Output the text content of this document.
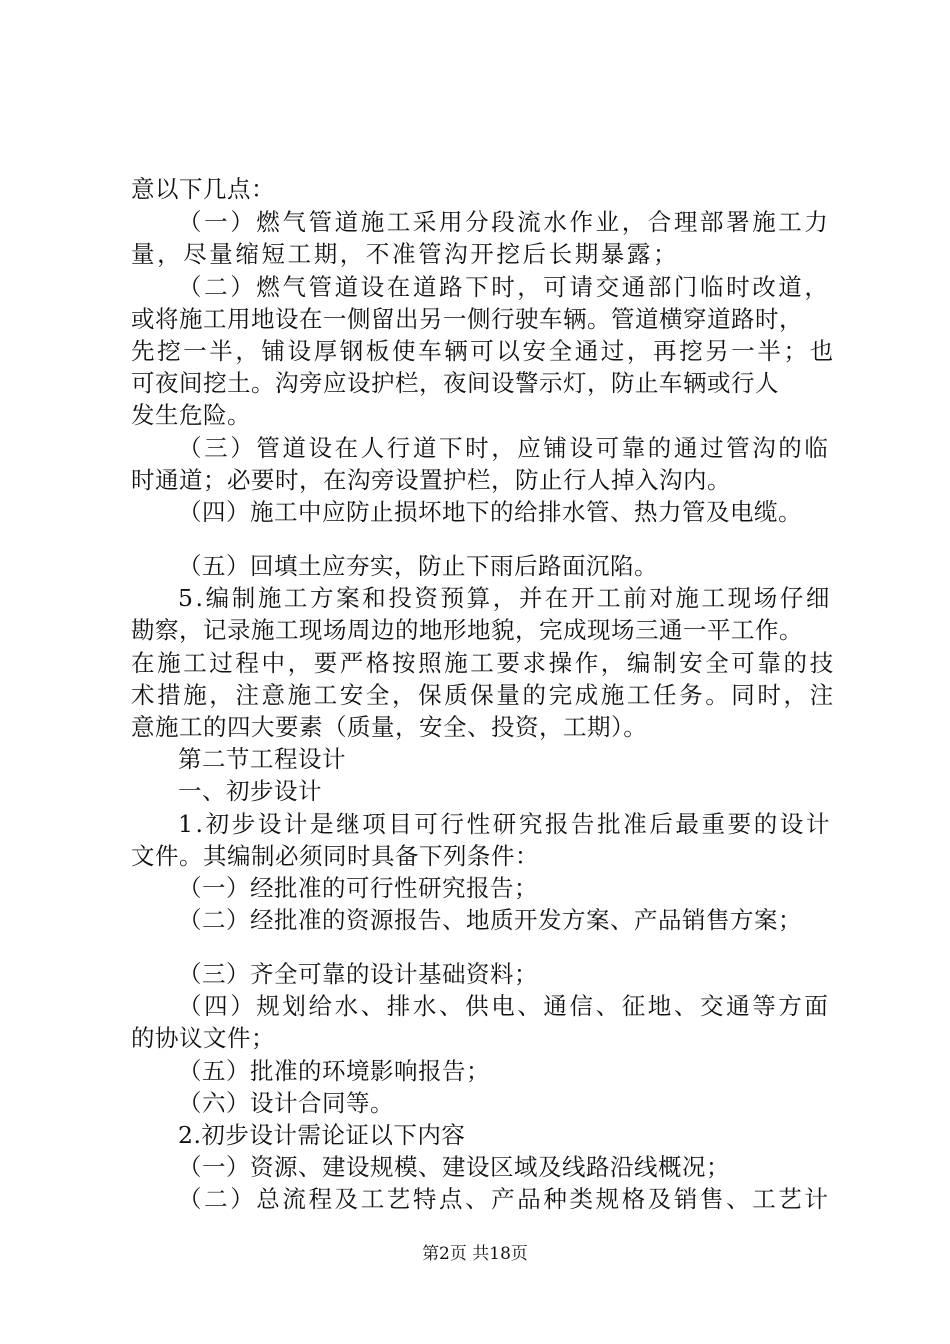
意以下几点：
（一）燃气管道施工采用分段流水作业，合理部署施工力
量，尽量缩短工期，不准管沟开挖后长期暴露；
（二）燃气管道设在道路下时，可请交通部门临时改道，
或将施工用地设在一侧留出另一侧行驶车辆。管道横穿道路时，
先挖一半，铺设厚钢板使车辆可以安全通过，再挖另一半；也
可夜间挖土。沟旁应设护栏，夜间设警示灯，防止车辆或行人
发生危险。
（三）管道设在人行道下时，应铺设可靠的通过管沟的临
时通道；必要时，在沟旁设置护栏，防止行人掉入沟内。
（四）施工中应防止损坏地下的给排水管、热力管及电缆。
（五）回填土应夯实，防止下雨后路面沉陷。
5.编制施工方案和投资预算，并在开工前对施工现场仔细
勘察，记录施工现场周边的地形地貌，完成现场三通一平工作。
在施工过程中，要严格按照施工要求操作，编制安全可靠的技
术措施，注意施工安全，保质保量的完成施工任务。同时，注
意施工的四大要素（质量，安全、投资，工期）。
第二节工程设计
一、初步设计
1.初步设计是继项目可行性研究报告批准后最重要的设计
文件。其编制必须同时具备下列条件：
（一）经批准的可行性研究报告；
（二）经批准的资源报告、地质开发方案、产品销售方案；
（三）齐全可靠的设计基础资料；
（四）规划给水、排水、供电、通信、征地、交通等方面
的协议文件；
（五）批准的环境影响报告；
（六）设计合同等。
2.初步设计需论证以下内容
（一）资源、建设规模、建设区域及线路沿线概况；
（二）总流程及工艺特点、产品种类规格及销售、工艺计
第2页 共18页
